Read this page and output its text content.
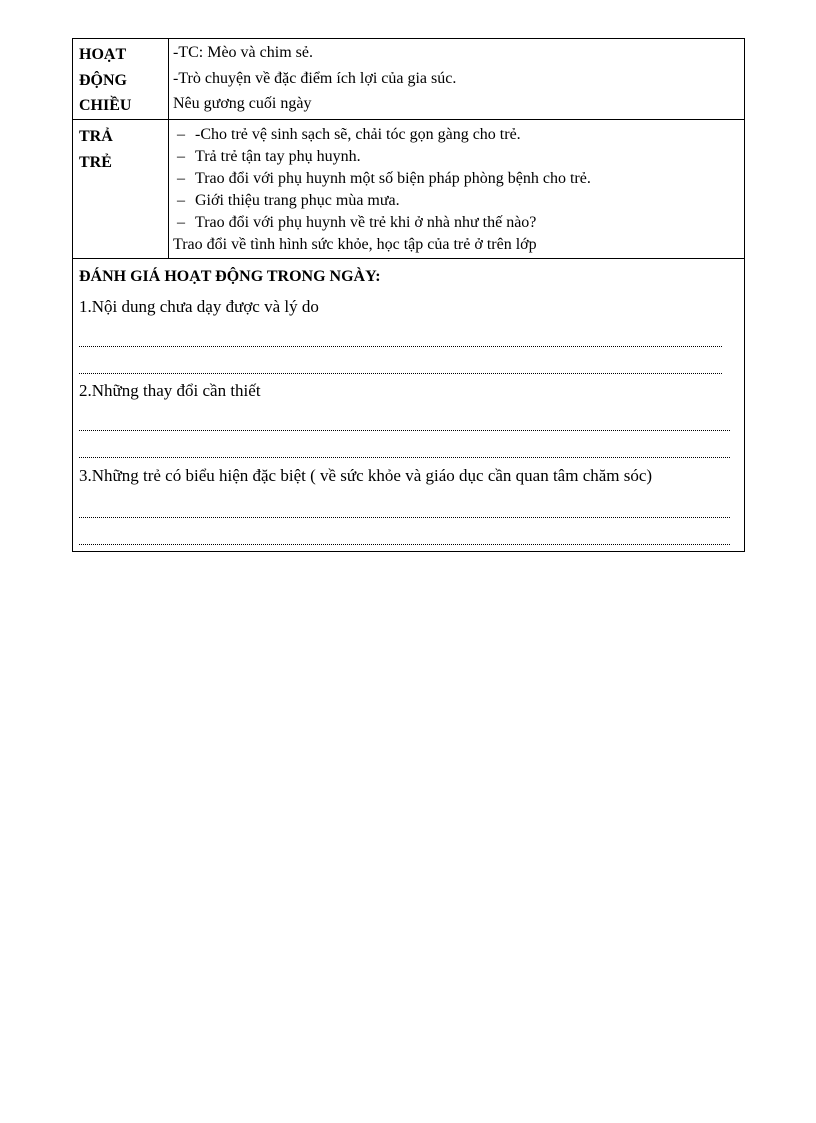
HOẠT
ĐỘNG
CHIỀU
-TC: Mèo và chim sẻ.
-Trò chuyện về đặc điểm ích lợi của gia súc.
Nêu gương cuối ngày
TRẢ
TRẺ
– -Cho trẻ vệ sinh sạch sẽ, chải tóc gọn gàng cho trẻ.
– Trả trẻ tận tay phụ huynh.
– Trao đổi với phụ huynh một số biện pháp phòng bệnh cho trẻ.
– Giới thiệu trang phục mùa mưa.
– Trao đổi với phụ huynh về trẻ khi ở nhà như thế nào?
Trao đổi về tình hình sức khỏe, học tập của trẻ ở trên lớp
ĐÁNH GIÁ HOẠT ĐỘNG TRONG NGÀY:
1.Nội dung chưa dạy được và lý do
2.Những thay đổi cần thiết
3.Những trẻ có biểu hiện đặc biệt ( về sức khỏe và giáo dục cần quan tâm chăm sóc)
